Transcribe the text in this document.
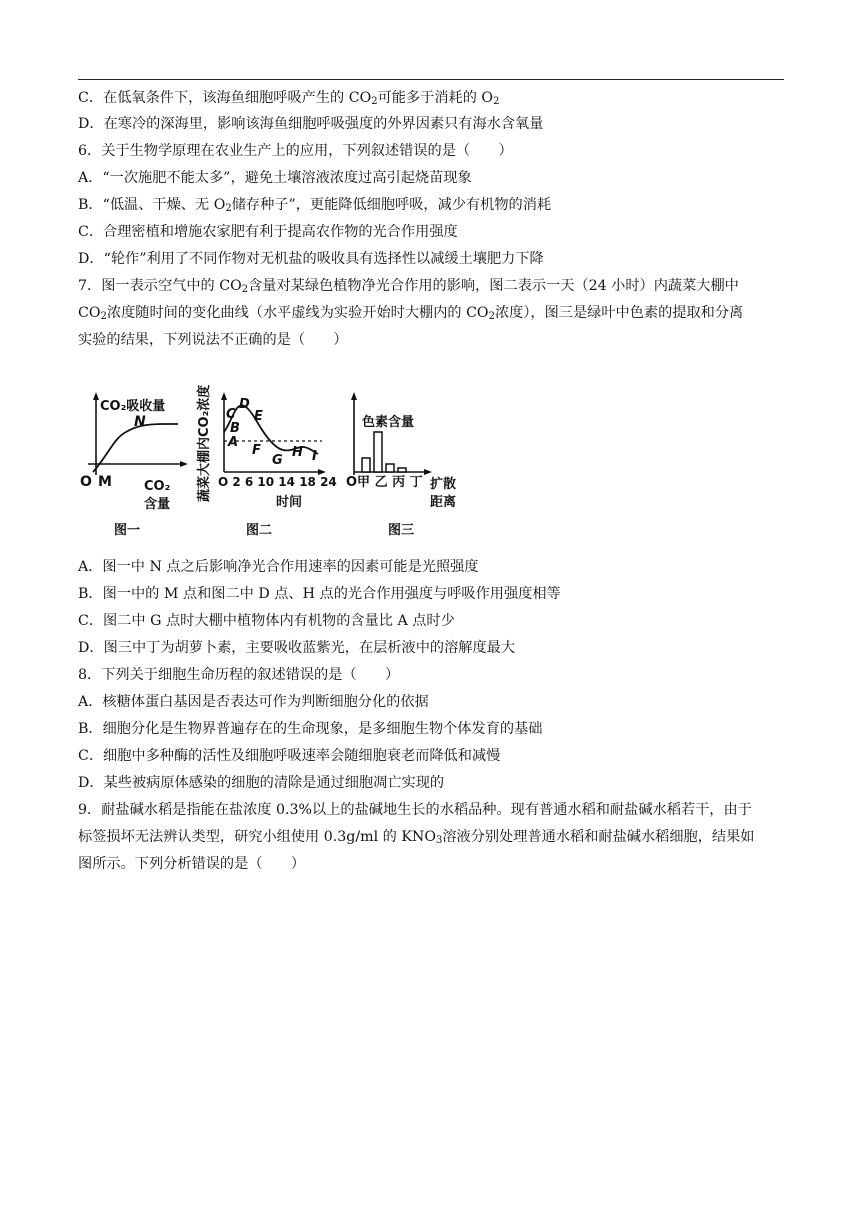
C．在低氧条件下，该海鱼细胞呼吸产生的 $CO_2$可能多于消耗的 $O_2$
D．在寒冷的深海里，影响该海鱼细胞呼吸强度的外界因素只有海水含氧量
6．关于生物学原理在农业生产上的应用，下列叙述错误的是（　　）
A．“一次施肥不能太多”，避免土壤溶液浓度过高引起烧苗现象
B．“低温、干燥、无 $O_2$储存种子”，更能降低细胞呼吸，减少有机物的消耗
C．合理密植和增施农家肥有利于提高农作物的光合作用强度
D．“轮作”利用了不同作物对无机盐的吸收具有选择性以减缓土壤肥力下降
7．图一表示空气中的 $CO_2$含量对某绿色植物净光合作用的影响，图二表示一天（24 小时）内蔬菜大棚中
$CO_2$浓度随时间的变化曲线（水平虚线为实验开始时大棚内的 $CO_2$浓度），图三是绿叶中色素的提取和分离
实验的结果，下列说法不正确的是（　　）
A．图一中 N 点之后影响净光合作用速率的因素可能是光照强度
B．图一中的 M 点和图二中 D 点、H 点的光合作用强度与呼吸作用强度相等
C．图二中 G 点时大棚中植物体内有机物的含量比 A 点时少
D．图三中丁为胡萝卜素，主要吸收蓝紫光，在层析液中的溶解度最大
8．下列关于细胞生命历程的叙述错误的是（　　）
A．核糖体蛋白基因是否表达可作为判断细胞分化的依据
B．细胞分化是生物界普遍存在的生命现象，是多细胞生物个体发育的基础
C．细胞中多种酶的活性及细胞呼吸速率会随细胞衰老而降低和减慢
D．某些被病原体感染的细胞的清除是通过细胞凋亡实现的
9．耐盐碱水稻是指能在盐浓度 0.3%以上的盐碱地生长的水稻品种。现有普通水稻和耐盐碱水稻若干，由于
标签损坏无法辨认类型，研究小组使用 0.3g/ml 的 $KNO_3$溶液分别处理普通水稻和耐盐碱水稻细胞，结果如
图所示。下列分析错误的是（　　）
CO₂吸收量
N
O M CO₂
含量
图一
蔬菜大棚内CO₂浓度 A
B
C
D
E
F
G
H I
O 2 6 10 14 18 24
时间
图二
色素含量
O甲 乙 丙 丁 扩散
距离
图三
